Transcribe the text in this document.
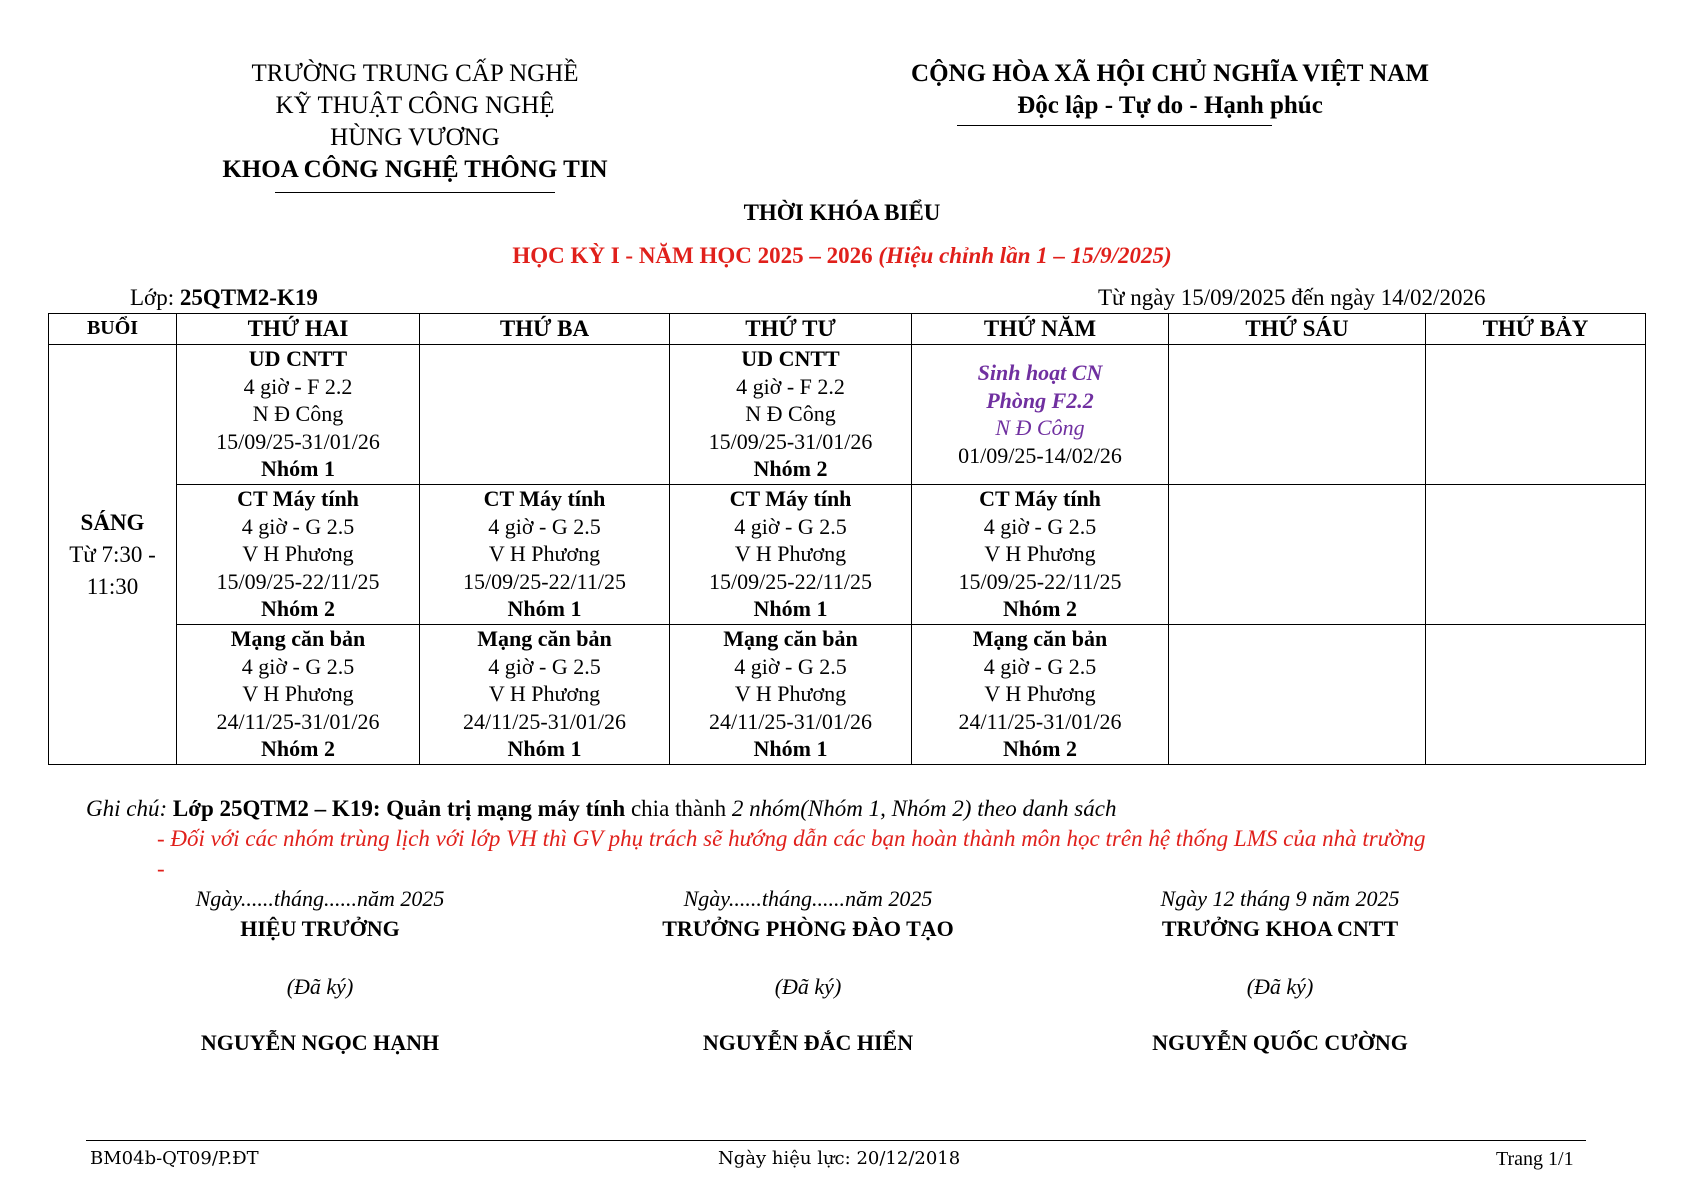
TRƯỜNG TRUNG CẤP NGHỀ
KỸ THUẬT CÔNG NGHỆ
HÙNG VƯƠNG
KHOA CÔNG NGHỆ THÔNG TIN
CỘNG HÒA XÃ HỘI CHỦ NGHĨA VIỆT NAM
Độc lập - Tự do - Hạnh phúc
THỜI KHÓA BIỂU
HỌC KỲ I - NĂM HỌC 2025 – 2026 (Hiệu chỉnh lần 1 – 15/9/2025)
Lớp: 25QTM2-K19	Từ ngày 15/09/2025 đến ngày 14/02/2026
BUỔI	THỨ HAI	THỨ BA	THỨ TƯ	THỨ NĂM	THỨ SÁU	THỨ BẢY

SÁNG
Từ 7:30 -
11:30	UD CNTT
4 giờ - F 2.2
N Đ Công
15/09/25-31/01/26
Nhóm 1		UD CNTT
4 giờ - F 2.2
N Đ Công
15/09/25-31/01/26
Nhóm 2	Sinh hoạt CN
Phòng F2.2
N Đ Công
01/09/25-14/02/26		

	CT Máy tính
4 giờ - G 2.5
V H Phương
15/09/25-22/11/25
Nhóm 2	CT Máy tính
4 giờ - G 2.5
V H Phương
15/09/25-22/11/25
Nhóm 1	CT Máy tính
4 giờ - G 2.5
V H Phương
15/09/25-22/11/25
Nhóm 1	CT Máy tính
4 giờ - G 2.5
V H Phương
15/09/25-22/11/25
Nhóm 2		

	Mạng căn bản
4 giờ - G 2.5
V H Phương
24/11/25-31/01/26
Nhóm 2	Mạng căn bản
4 giờ - G 2.5
V H Phương
24/11/25-31/01/26
Nhóm 1	Mạng căn bản
4 giờ - G 2.5
V H Phương
24/11/25-31/01/26
Nhóm 1	Mạng căn bản
4 giờ - G 2.5
V H Phương
24/11/25-31/01/26
Nhóm 2		

Ghi chú: Lớp 25QTM2 – K19: Quản trị mạng máy tính chia thành 2 nhóm(Nhóm 1, Nhóm 2) theo danh sách
- Đối với các nhóm trùng lịch với lớp VH thì GV phụ trách sẽ hướng dẫn các bạn hoàn thành môn học trên hệ thống LMS của nhà trường
-
Ngày......tháng......năm 2025
HIỆU TRƯỞNG
(Đã ký)
NGUYỄN NGỌC HẠNH
Ngày......tháng......năm 2025
TRƯỞNG PHÒNG ĐÀO TẠO
(Đã ký)
NGUYỄN ĐẮC HIỂN
Ngày 12 tháng 9 năm 2025
TRƯỞNG KHOA CNTT
(Đã ký)
NGUYỄN QUỐC CƯỜNG
BM04b-QT09/P.ĐT	Ngày hiệu lực: 20/12/2018	Trang 1/1
